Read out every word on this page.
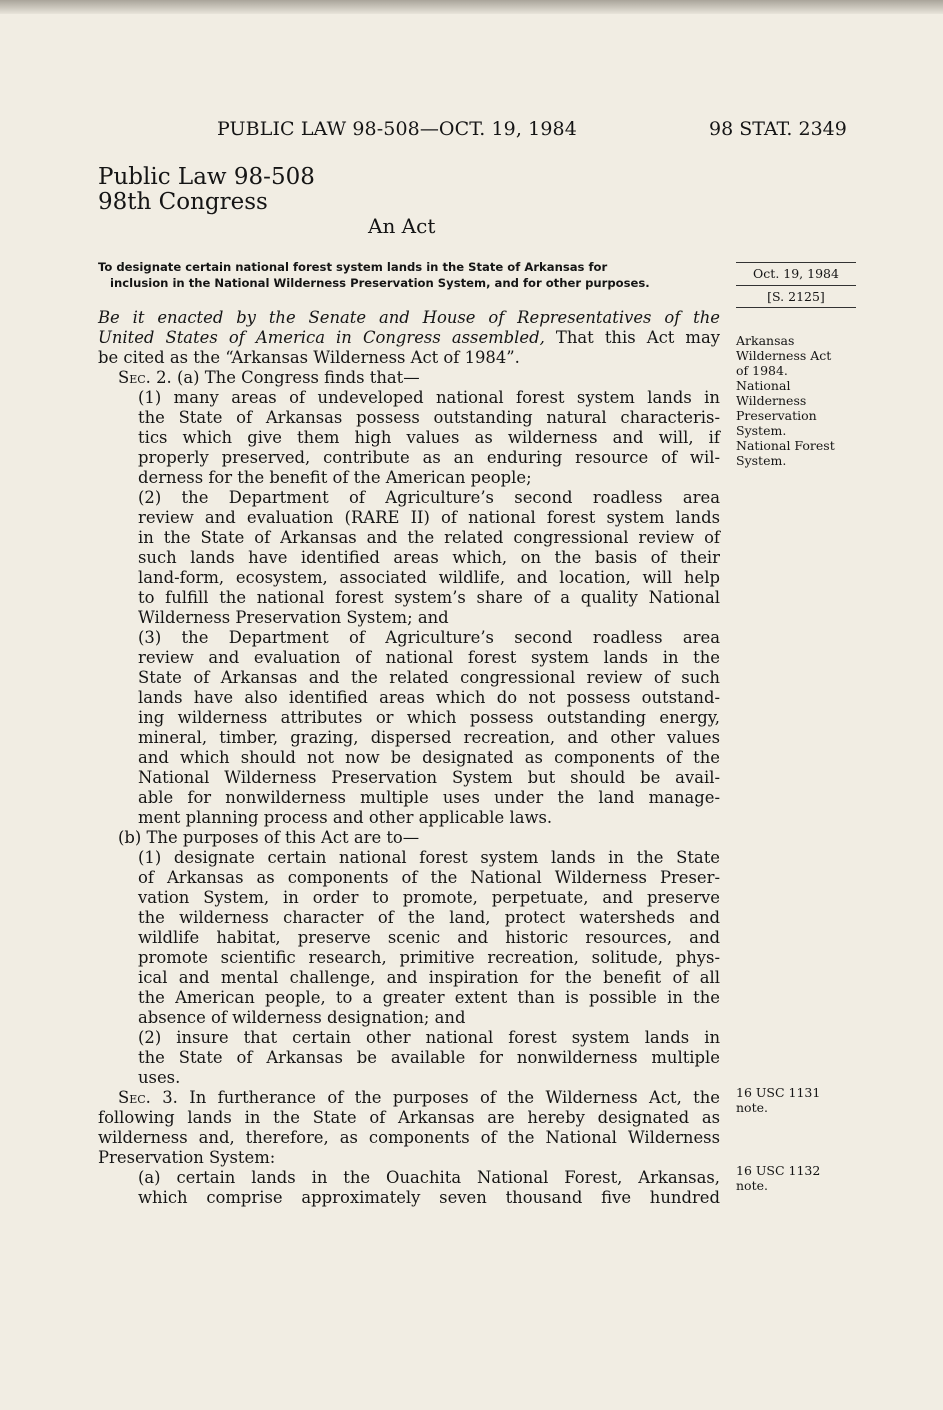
PUBLIC LAW 98-508—OCT. 19, 1984	98 STAT. 2349
Public Law 98-508
98th Congress
An Act
To designate certain national forest system lands in the State of Arkansas for
inclusion in the National Wilderness Preservation System, and for other purposes.
Oct. 19, 1984
[S. 2125]
Be it enacted by the Senate and House of Representatives of the
United States of America in Congress assembled, That this Act may
be cited as the “Arkansas Wilderness Act of 1984”.
Sec. 2. (a) The Congress finds that—
(1) many areas of undeveloped national forest system lands in
the State of Arkansas possess outstanding natural characteris-
tics which give them high values as wilderness and will, if
properly preserved, contribute as an enduring resource of wil-
derness for the benefit of the American people;
(2) the Department of Agriculture’s second roadless area
review and evaluation (RARE II) of national forest system lands
in the State of Arkansas and the related congressional review of
such lands have identified areas which, on the basis of their
land-form, ecosystem, associated wildlife, and location, will help
to fulfill the national forest system’s share of a quality National
Wilderness Preservation System; and
(3) the Department of Agriculture’s second roadless area
review and evaluation of national forest system lands in the
State of Arkansas and the related congressional review of such
lands have also identified areas which do not possess outstand-
ing wilderness attributes or which possess outstanding energy,
mineral, timber, grazing, dispersed recreation, and other values
and which should not now be designated as components of the
National Wilderness Preservation System but should be avail-
able for nonwilderness multiple uses under the land manage-
ment planning process and other applicable laws.
(b) The purposes of this Act are to—
(1) designate certain national forest system lands in the State
of Arkansas as components of the National Wilderness Preser-
vation System, in order to promote, perpetuate, and preserve
the wilderness character of the land, protect watersheds and
wildlife habitat, preserve scenic and historic resources, and
promote scientific research, primitive recreation, solitude, phys-
ical and mental challenge, and inspiration for the benefit of all
the American people, to a greater extent than is possible in the
absence of wilderness designation; and
(2) insure that certain other national forest system lands in
the State of Arkansas be available for nonwilderness multiple
uses.
Sec. 3. In furtherance of the purposes of the Wilderness Act, the
following lands in the State of Arkansas are hereby designated as
wilderness and, therefore, as components of the National Wilderness
Preservation System:
(a) certain lands in the Ouachita National Forest, Arkansas,
which comprise approximately seven thousand five hundred
Arkansas
Wilderness Act
of 1984.
National
Wilderness
Preservation
System.
National Forest
System.
16 USC 1131
note.
16 USC 1132
note.
